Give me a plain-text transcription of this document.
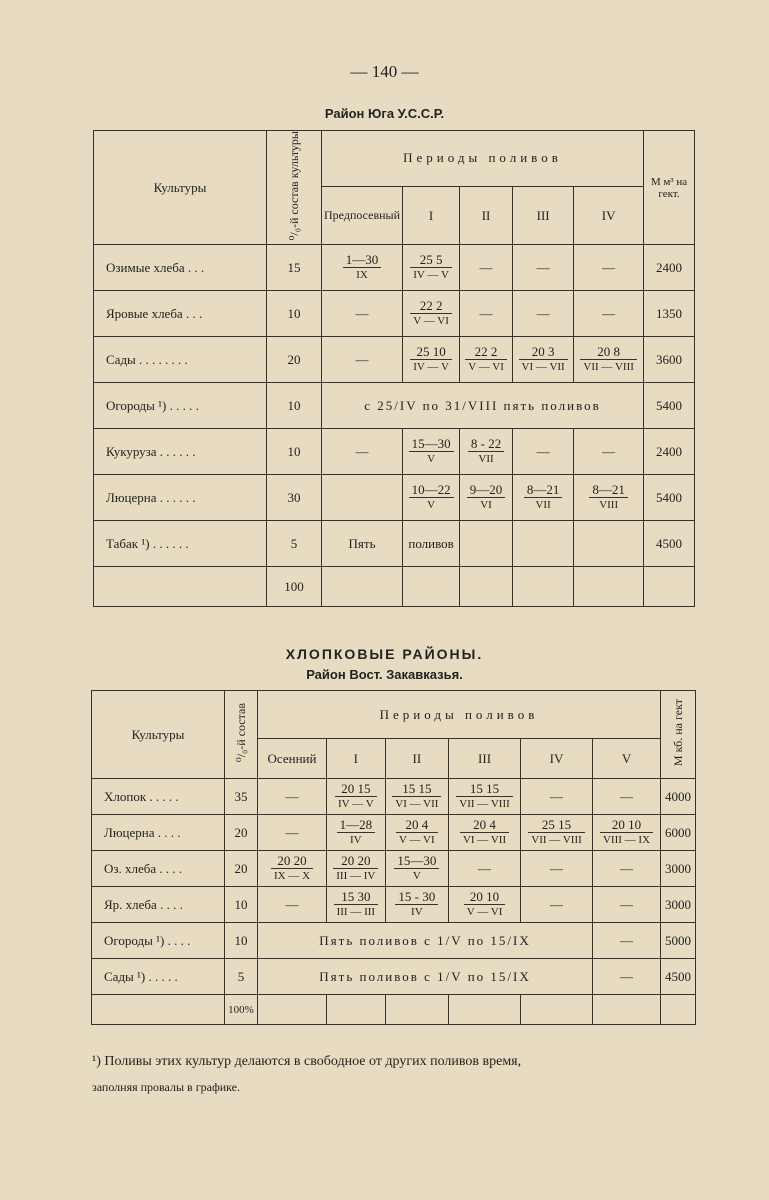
— 140 —
Район Юга У.С.С.Р.
Культуры	⁰/₀-й состав культуры	Периоды поливов					М м³ на гект.
		Предпосевный	I	II	III	IV	
Озимые хлеба . . .	15	$\frac{1—30}{IX}$	$\frac{25 5}{IV — V}$	—	—	—	2400
Яровые хлеба . . .	10	—	$\frac{22 2}{V — VI}$	—	—	—	1350
Сады . . . . . . . .	20	—	$\frac{25 10}{IV — V}$	$\frac{22 2}{V — VI}$	$\frac{20 3}{\text{VI — VII}}$	$\frac{20 8}{\text{VII — VIII}}$	3600
Огороды ¹) . . . . .	10	с 25/IV по 31/VIII пять поливов					5400
Кукуруза . . . . . .	10	—	$\frac{15—30}{V}$	$\frac{8 - 22}{\text{VII}}$	—	—	2400
Люцерна . . . . . .	30		$\frac{10—22}{V}$	$\frac{9—20}{VI}$	$\frac{8—21}{\text{VII}}$	$\frac{8—21}{\text{VIII}}$	5400
Табак ¹) . . . . . .	5	Пять	поливов				4500
	100						
ХЛОПКОВЫЕ РАЙОНЫ.
Район Вост. Закавказья.
Культуры	⁰/₀-й состав	Периоды поливов						М кб. на гект
		Осенний	I	II	III	IV	V	
Хлопок . . . . .	35	—	$\frac{20 15}{IV — V}$	$\frac{15 15}{\text{VI — VII}}$	$\frac{15 15}{\text{VII — VIII}}$	—	—	4000
Люцерна . . . .	20	—	$\frac{1—28}{IV}$	$\frac{20 4}{V — VI}$	$\frac{20 4}{\text{VI — VII}}$	$\frac{25 15}{\text{VII — VIII}}$	$\frac{20 10}{\text{VIII — IX}}$	6000
Оз. хлеба . . . .	20	$\frac{20 20}{IX — X}$	$\frac{20 20}{\text{III — IV}}$	$\frac{15—30}{V}$	—	—	—	3000
Яр. хлеба . . . .	10	—	$\frac{15 30}{\text{III — III}}$	$\frac{15 - 30}{IV}$	$\frac{20 10}{V — VI}$	—	—	3000
Огороды ¹) . . . .	10	Пять поливов с 1/V по 15/IX					—	5000
Сады ¹) . . . . .	5	Пять поливов с 1/V по 15/IX					—	4500
	100%							
¹) Поливы этих культур делаются в свободное от других поливов время,
заполняя провалы в графике.
